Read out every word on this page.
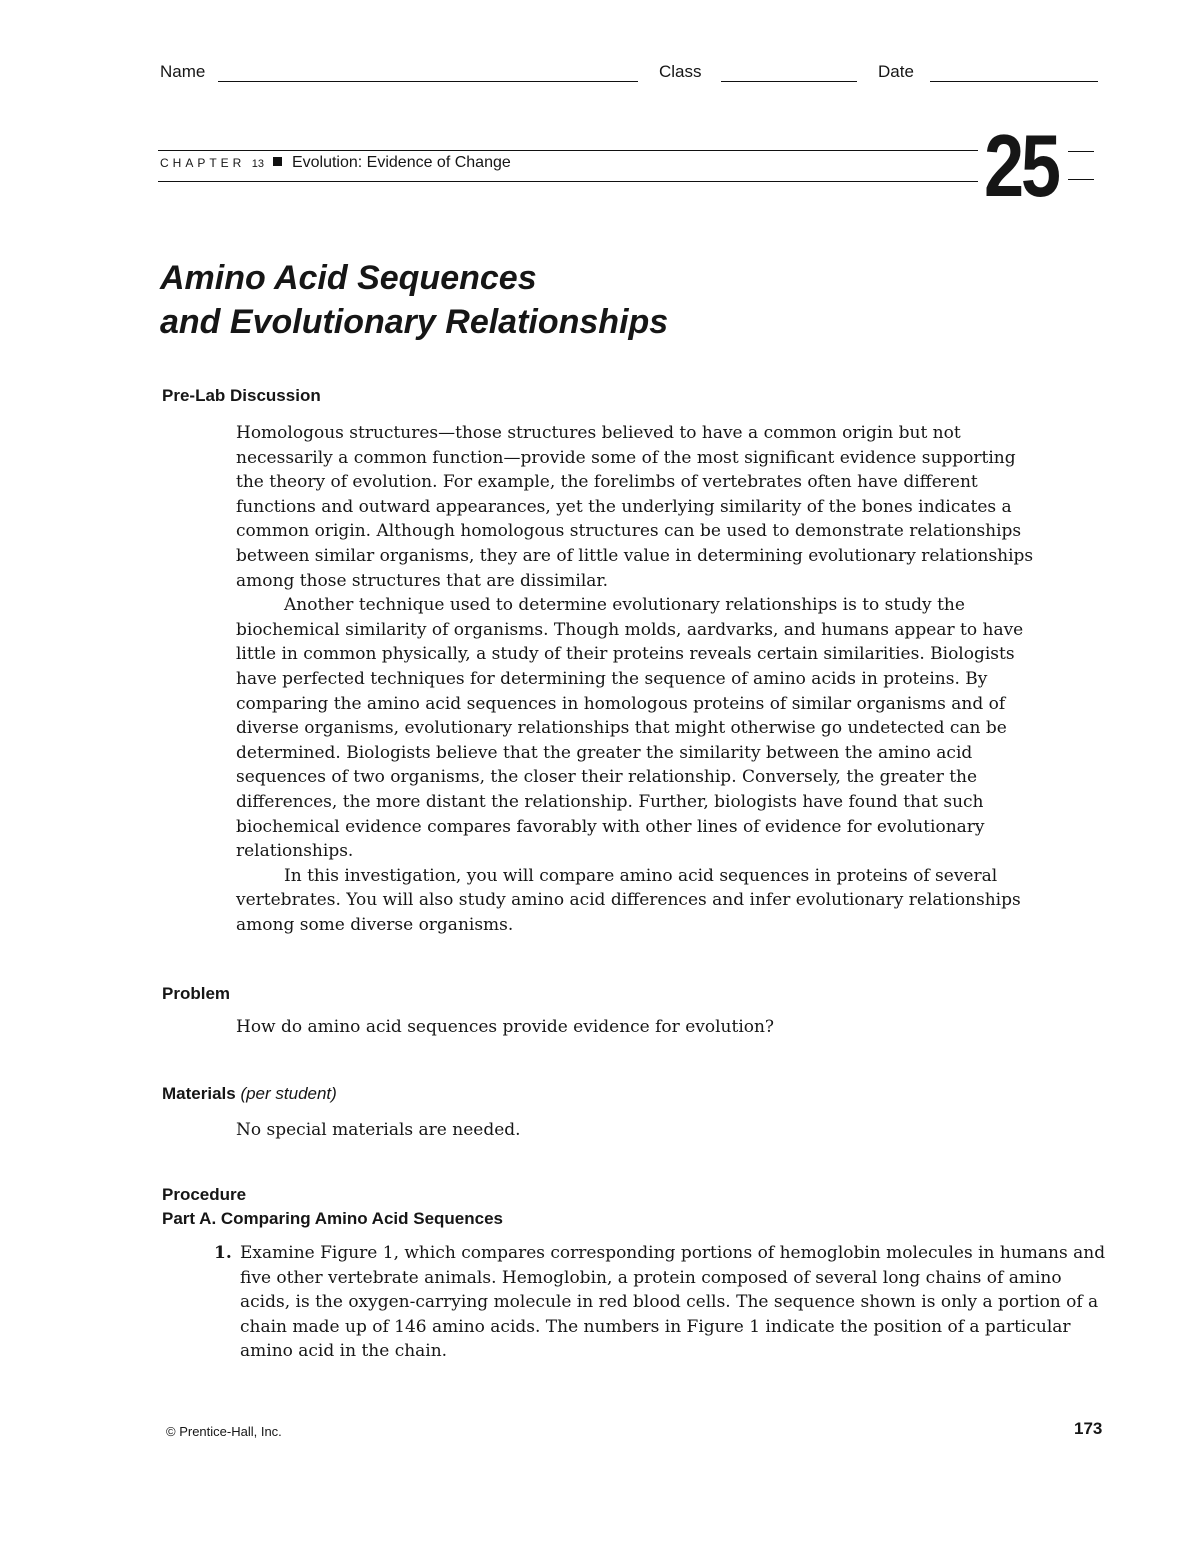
Name	Class	Date
CHAPTER 13 Evolution: Evidence of Change	25
Amino Acid Sequences
and Evolutionary Relationships
Pre-Lab Discussion

Homologous structures—those structures believed to have a common origin but not necessarily a common function—provide some of the most significant evidence supporting the theory of evolution. For example, the forelimbs of vertebrates often have different functions and outward appearances, yet the underlying similarity of the bones indicates a common origin. Although homologous structures can be used to demonstrate relationships between similar organisms, they are of little value in determining evolutionary relationships among those structures that are dissimilar.

Another technique used to determine evolutionary relationships is to study the biochemical similarity of organisms. Though molds, aardvarks, and humans appear to have little in common physically, a study of their proteins reveals certain similarities. Biologists have perfected techniques for determining the sequence of amino acids in proteins. By comparing the amino acid sequences in homologous proteins of similar organisms and of diverse organisms, evolutionary relationships that might otherwise go undetected can be determined. Biologists believe that the greater the similarity between the amino acid sequences of two organisms, the closer their relationship. Conversely, the greater the differences, the more distant the relationship. Further, biologists have found that such biochemical evidence compares favorably with other lines of evidence for evolutionary relationships.

In this investigation, you will compare amino acid sequences in proteins of several vertebrates. You will also study amino acid differences and infer evolutionary relationships among some diverse organisms.

Problem
How do amino acid sequences provide evidence for evolution?
Materials (per student)
No special materials are needed.
Procedure
Part A. Comparing Amino Acid Sequences
1. Examine Figure 1, which compares corresponding portions of hemoglobin molecules in humans and five other vertebrate animals. Hemoglobin, a protein composed of several long chains of amino acids, is the oxygen-carrying molecule in red blood cells. The sequence shown is only a portion of a chain made up of 146 amino acids. The numbers in Figure 1 indicate the position of a particular amino acid in the chain.
© Prentice-Hall, Inc.	173
